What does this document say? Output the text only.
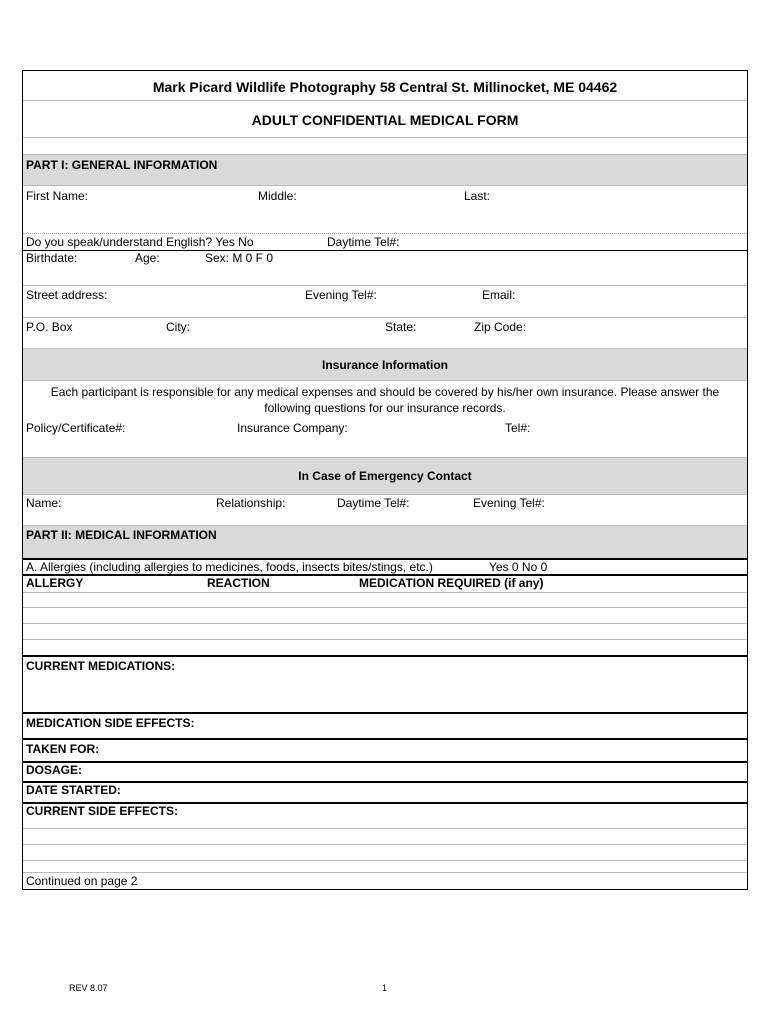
Mark Picard Wildlife Photography 58 Central St. Millinocket, ME 04462
ADULT CONFIDENTIAL MEDICAL FORM
PART I: GENERAL INFORMATION
First Name:	Middle:	Last:
Do you speak/understand English? Yes No	Daytime Tel#:
Birthdate:	Age:	Sex: M 0 F 0
Street address:	Evening Tel#:	Email:
P.O. Box	City:	State:	Zip Code:
Insurance Information
Each participant is responsible for any medical expenses and should be covered by his/her own insurance. Please answer the
following questions for our insurance records.
Policy/Certificate#:	Insurance Company:	Tel#:
In Case of Emergency Contact
Name:	Relationship:	Daytime Tel#:	Evening Tel#:
PART II: MEDICAL INFORMATION
A. Allergies (including allergies to medicines, foods, insects bites/stings, etc.)	Yes 0 No 0
ALLERGY	REACTION	MEDICATION REQUIRED (if any)
CURRENT MEDICATIONS:
MEDICATION SIDE EFFECTS:
TAKEN FOR:
DOSAGE:
DATE STARTED:
CURRENT SIDE EFFECTS:
Continued on page 2
REV 8.07	1
